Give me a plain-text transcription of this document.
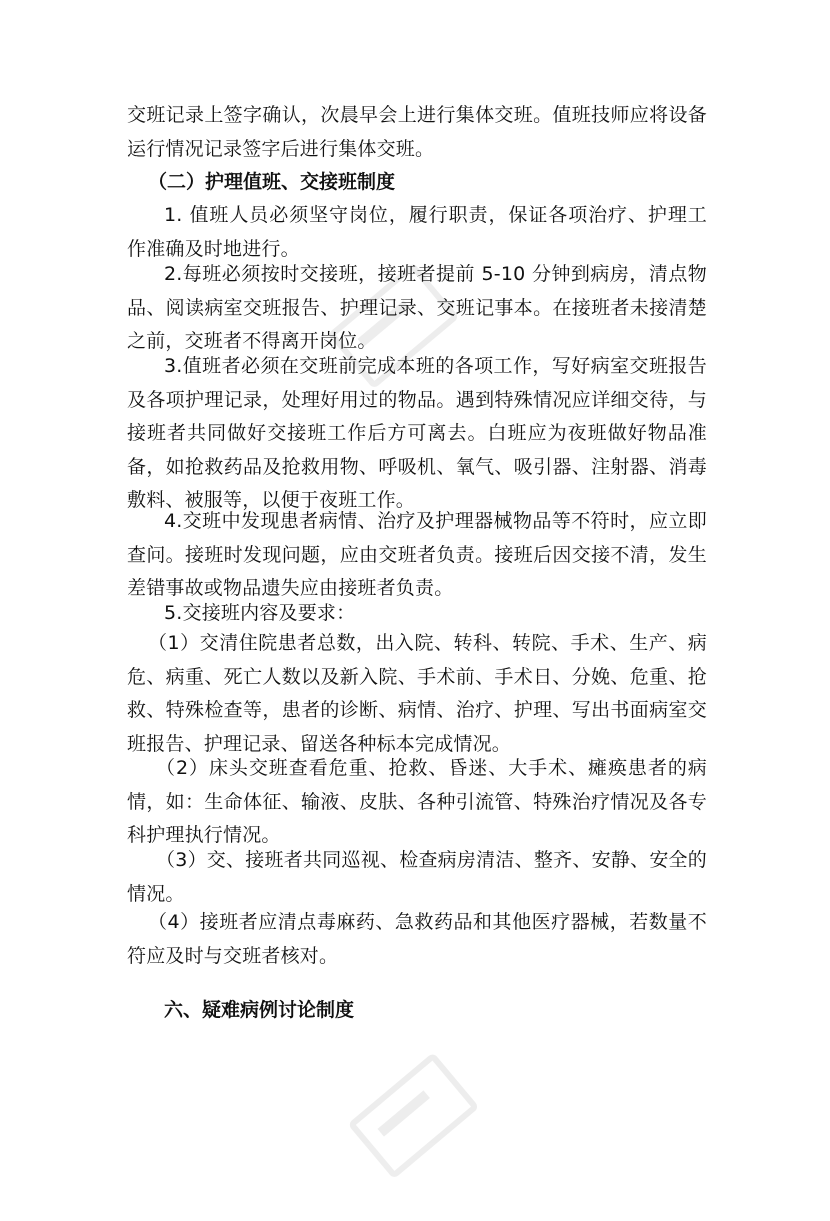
交班记录上签字确认，次晨早会上进行集体交班。值班技师应将设备运行情况记录签字后进行集体交班。

（二）护理值班、交接班制度

1. 值班人员必须坚守岗位，履行职责，保证各项治疗、护理工作准确及时地进行。

2.每班必须按时交接班，接班者提前 5-10 分钟到病房，清点物品、阅读病室交班报告、护理记录、交班记事本。在接班者未接清楚之前，交班者不得离开岗位。

3.值班者必须在交班前完成本班的各项工作，写好病室交班报告及各项护理记录，处理好用过的物品。遇到特殊情况应详细交待，与接班者共同做好交接班工作后方可离去。白班应为夜班做好物品准备，如抢救药品及抢救用物、呼吸机、氧气、吸引器、注射器、消毒敷料、被服等，以便于夜班工作。

4.交班中发现患者病情、治疗及护理器械物品等不符时，应立即查问。接班时发现问题，应由交班者负责。接班后因交接不清，发生差错事故或物品遗失应由接班者负责。

5.交接班内容及要求：

（1）交清住院患者总数，出入院、转科、转院、手术、生产、病危、病重、死亡人数以及新入院、手术前、手术日、分娩、危重、抢救、特殊检查等，患者的诊断、病情、治疗、护理、写出书面病室交班报告、护理记录、留送各种标本完成情况。

（2）床头交班查看危重、抢救、昏迷、大手术、瘫痪患者的病情，如：生命体征、输液、皮肤、各种引流管、特殊治疗情况及各专科护理执行情况。

（3）交、接班者共同巡视、检查病房清洁、整齐、安静、安全的情况。

（4）接班者应清点毒麻药、急救药品和其他医疗器械，若数量不符应及时与交班者核对。

六、疑难病例讨论制度
